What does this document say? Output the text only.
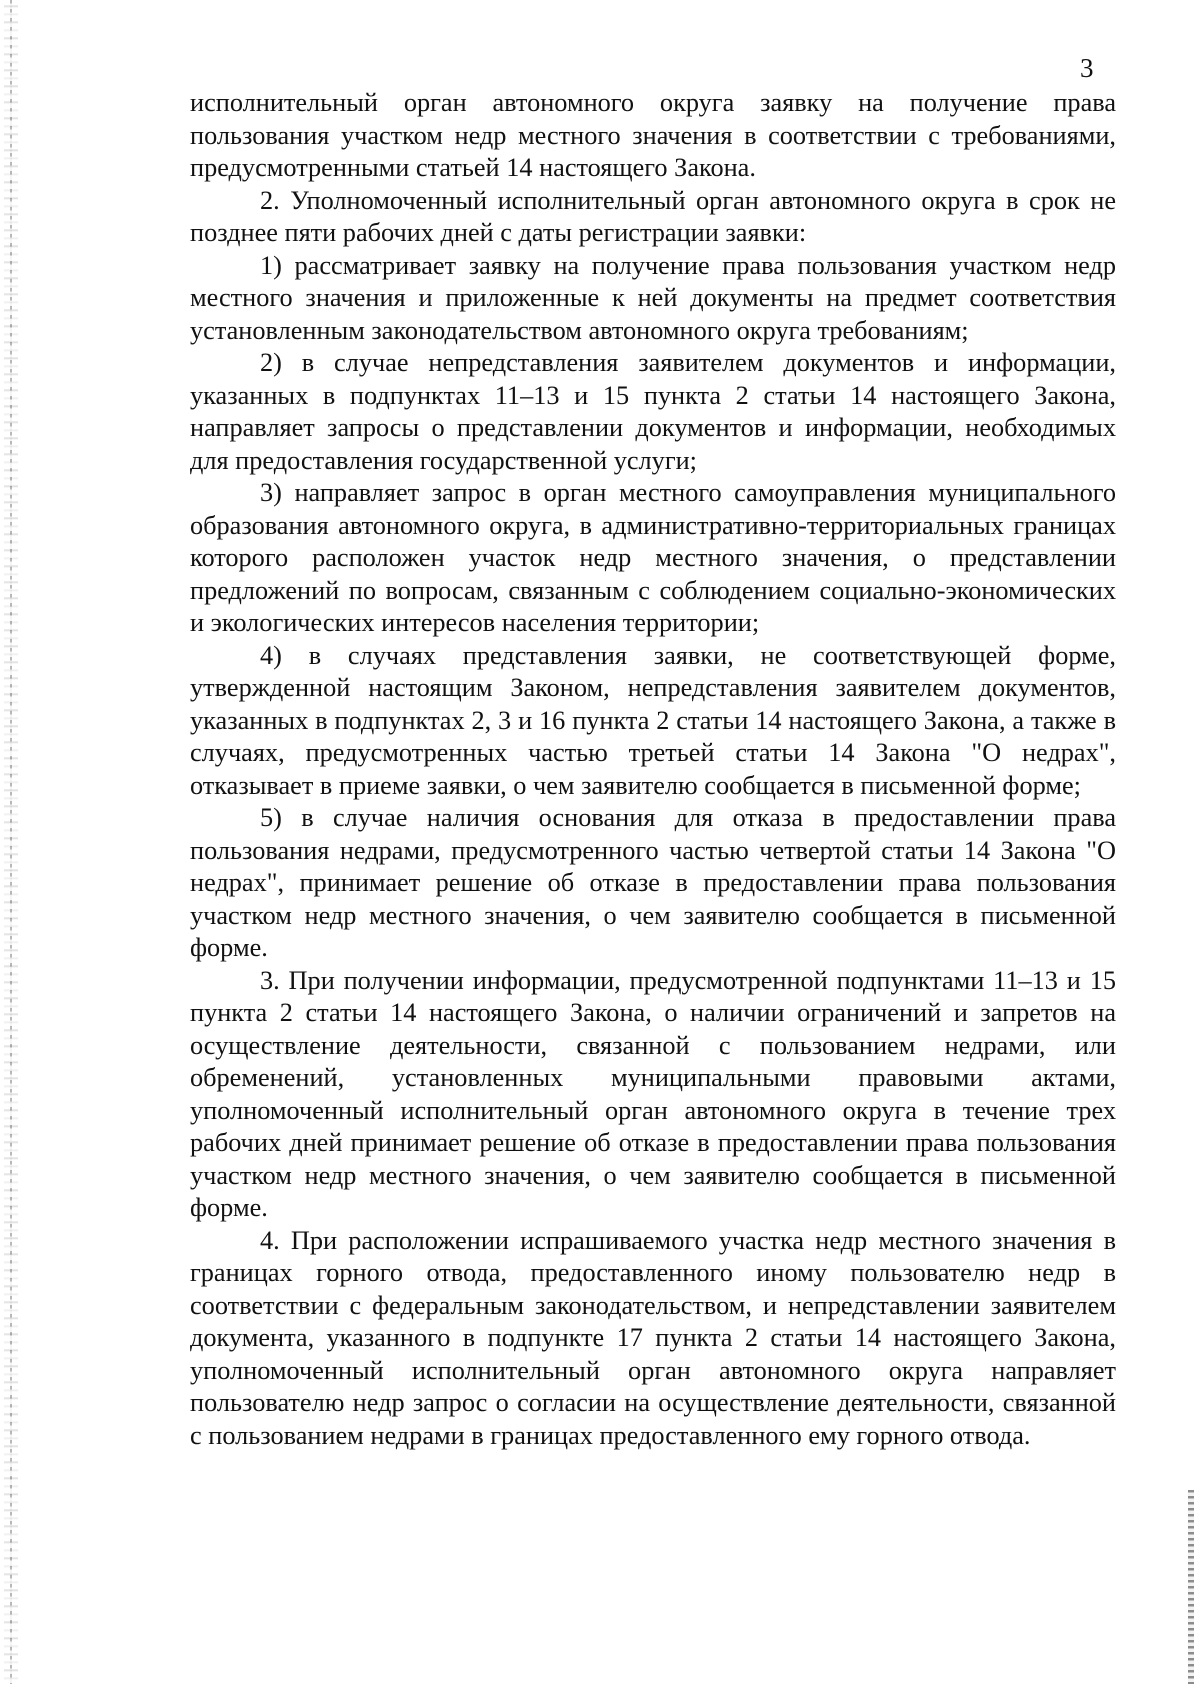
3

исполнительный орган автономного округа заявку на получение права пользования участком недр местного значения в соответствии с требованиями, предусмотренными статьей 14 настоящего Закона.

2. Уполномоченный исполнительный орган автономного округа в срок не позднее пяти рабочих дней с даты регистрации заявки:

1) рассматривает заявку на получение права пользования участком недр местного значения и приложенные к ней документы на предмет соответствия установленным законодательством автономного округа требованиям;

2) в случае непредставления заявителем документов и информации, указанных в подпунктах 11–13 и 15 пункта 2 статьи 14 настоящего Закона, направляет запросы о представлении документов и информации, необходимых для предоставления государственной услуги;

3) направляет запрос в орган местного самоуправления муниципального образования автономного округа, в административно-территориальных границах которого расположен участок недр местного значения, о представлении предложений по вопросам, связанным с соблюдением социально-экономических и экологических интересов населения территории;

4) в случаях представления заявки, не соответствующей форме, утвержденной настоящим Законом, непредставления заявителем документов, указанных в подпунктах 2, 3 и 16 пункта 2 статьи 14 настоящего Закона, а также в случаях, предусмотренных частью третьей статьи 14 Закона "О недрах", отказывает в приеме заявки, о чем заявителю сообщается в письменной форме;

5) в случае наличия основания для отказа в предоставлении права пользования недрами, предусмотренного частью четвертой статьи 14 Закона "О недрах", принимает решение об отказе в предоставлении права пользования участком недр местного значения, о чем заявителю сообщается в письменной форме.

3. При получении информации, предусмотренной подпунктами 11–13 и 15 пункта 2 статьи 14 настоящего Закона, о наличии ограничений и запретов на осуществление деятельности, связанной с пользованием недрами, или обременений, установленных муниципальными правовыми актами, уполномоченный исполнительный орган автономного округа в течение трех рабочих дней принимает решение об отказе в предоставлении права пользования участком недр местного значения, о чем заявителю сообщается в письменной форме.

4. При расположении испрашиваемого участка недр местного значения в границах горного отвода, предоставленного иному пользователю недр в соответствии с федеральным законодательством, и непредставлении заявителем документа, указанного в подпункте 17 пункта 2 статьи 14 настоящего Закона, уполномоченный исполнительный орган автономного округа направляет пользователю недр запрос о согласии на осуществление деятельности, связанной с пользованием недрами в границах предоставленного ему горного отвода.
